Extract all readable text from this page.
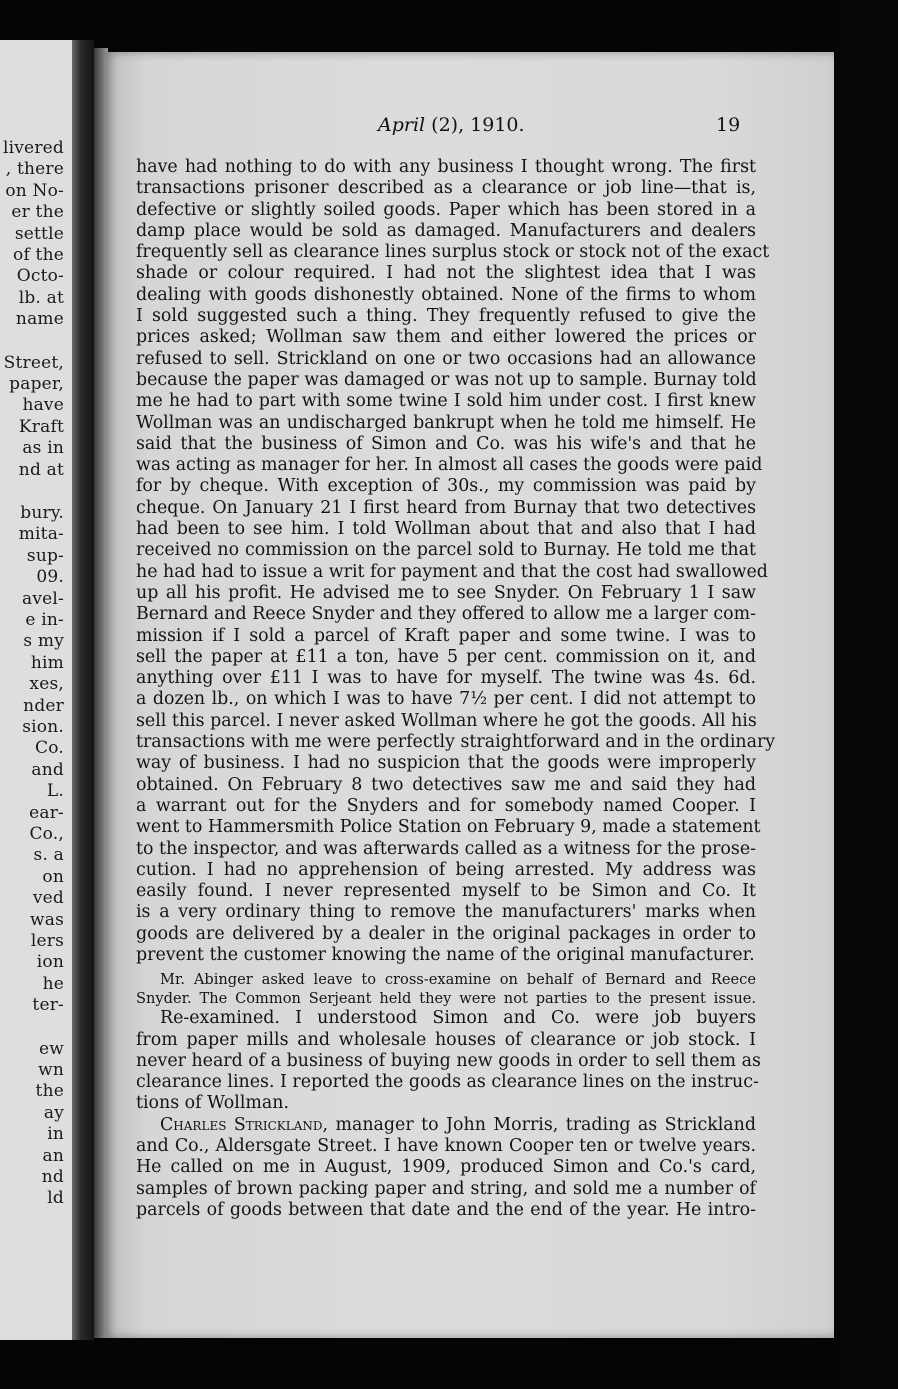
livered
, there
on No-
er the
settle
of the
Octo-
lb. at
name
Street,
paper,
have
Kraft
as in
nd at
bury.
mita-
sup-
09.
avel-
e in-
s my
him
xes,
nder
sion.
Co.
and
L.
ear-
Co.,
s. a
on
ved
was
lers
ion
he
ter-
ew
wn
the
ay
in
an
nd
ld
April (2), 1910.	19
have had nothing to do with any business I thought wrong. The first
transactions prisoner described as a clearance or job line—that is,
defective or slightly soiled goods. Paper which has been stored in a
damp place would be sold as damaged. Manufacturers and dealers
frequently sell as clearance lines surplus stock or stock not of the exact
shade or colour required. I had not the slightest idea that I was
dealing with goods dishonestly obtained. None of the firms to whom
I sold suggested such a thing. They frequently refused to give the
prices asked; Wollman saw them and either lowered the prices or
refused to sell. Strickland on one or two occasions had an allowance
because the paper was damaged or was not up to sample. Burnay told
me he had to part with some twine I sold him under cost. I first knew
Wollman was an undischarged bankrupt when he told me himself. He
said that the business of Simon and Co. was his wife's and that he
was acting as manager for her. In almost all cases the goods were paid
for by cheque. With exception of 30s., my commission was paid by
cheque. On January 21 I first heard from Burnay that two detectives
had been to see him. I told Wollman about that and also that I had
received no commission on the parcel sold to Burnay. He told me that
he had had to issue a writ for payment and that the cost had swallowed
up all his profit. He advised me to see Snyder. On February 1 I saw
Bernard and Reece Snyder and they offered to allow me a larger com-
mission if I sold a parcel of Kraft paper and some twine. I was to
sell the paper at £11 a ton, have 5 per cent. commission on it, and
anything over £11 I was to have for myself. The twine was 4s. 6d.
a dozen lb., on which I was to have 7½ per cent. I did not attempt to
sell this parcel. I never asked Wollman where he got the goods. All his
transactions with me were perfectly straightforward and in the ordinary
way of business. I had no suspicion that the goods were improperly
obtained. On February 8 two detectives saw me and said they had
a warrant out for the Snyders and for somebody named Cooper. I
went to Hammersmith Police Station on February 9, made a statement
to the inspector, and was afterwards called as a witness for the prose-
cution. I had no apprehension of being arrested. My address was
easily found. I never represented myself to be Simon and Co. It
is a very ordinary thing to remove the manufacturers' marks when
goods are delivered by a dealer in the original packages in order to
prevent the customer knowing the name of the original manufacturer.
Mr. Abinger asked leave to cross-examine on behalf of Bernard and Reece
Snyder. The Common Serjeant held they were not parties to the present issue.
Re-examined. I understood Simon and Co. were job buyers
from paper mills and wholesale houses of clearance or job stock. I
never heard of a business of buying new goods in order to sell them as
clearance lines. I reported the goods as clearance lines on the instruc-
tions of Wollman.
Charles Strickland, manager to John Morris, trading as Strickland
and Co., Aldersgate Street. I have known Cooper ten or twelve years.
He called on me in August, 1909, produced Simon and Co.'s card,
samples of brown packing paper and string, and sold me a number of
parcels of goods between that date and the end of the year. He intro-
